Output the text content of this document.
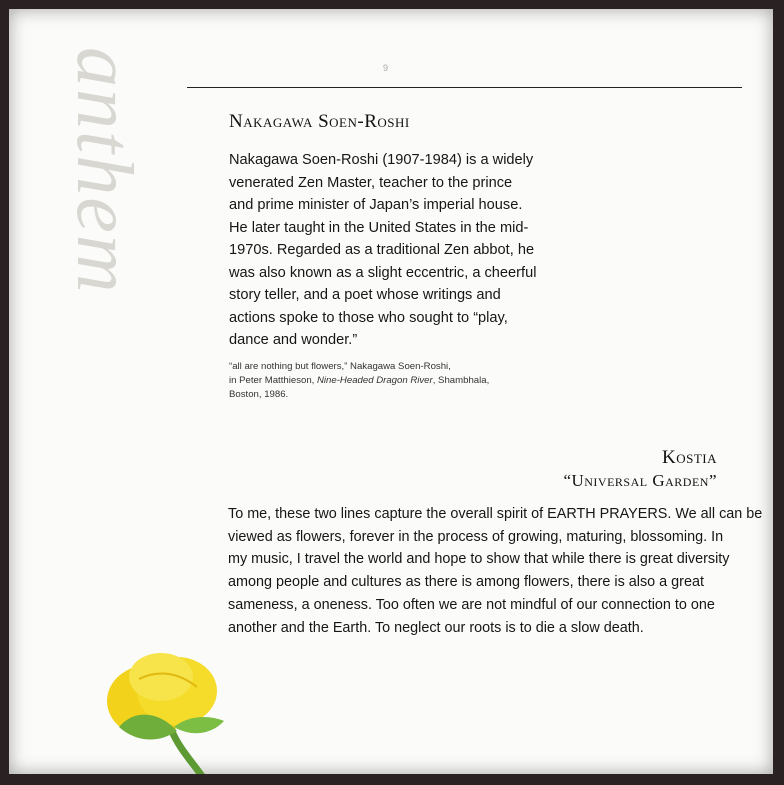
anthem	9
Nakagawa Soen-Roshi

Nakagawa Soen-Roshi (1907-1984) is a widely

venerated Zen Master, teacher to the prince

and prime minister of Japan’s imperial house.

He later taught in the United States in the mid-

1970s. Regarded as a traditional Zen abbot, he

was also known as a slight eccentric, a cheerful

story teller, and a poet whose writings and

actions spoke to those who sought to “play,

dance and wonder.”

“all are nothing but flowers,” Nakagawa Soen-Roshi,

in Peter Matthieson, Nine-Headed Dragon River, Shambhala,

Boston, 1986.

Kostia
“Universal Garden”

To me, these two lines capture the overall spirit of EARTH PRAYERS. We all can be

viewed as flowers, forever in the process of growing, maturing, blossoming. In

my music, I travel the world and hope to show that while there is great diversity

among people and cultures as there is among flowers, there is also a great

sameness, a oneness. Too often we are not mindful of our connection to one

another and the Earth. To neglect our roots is to die a slow death.
